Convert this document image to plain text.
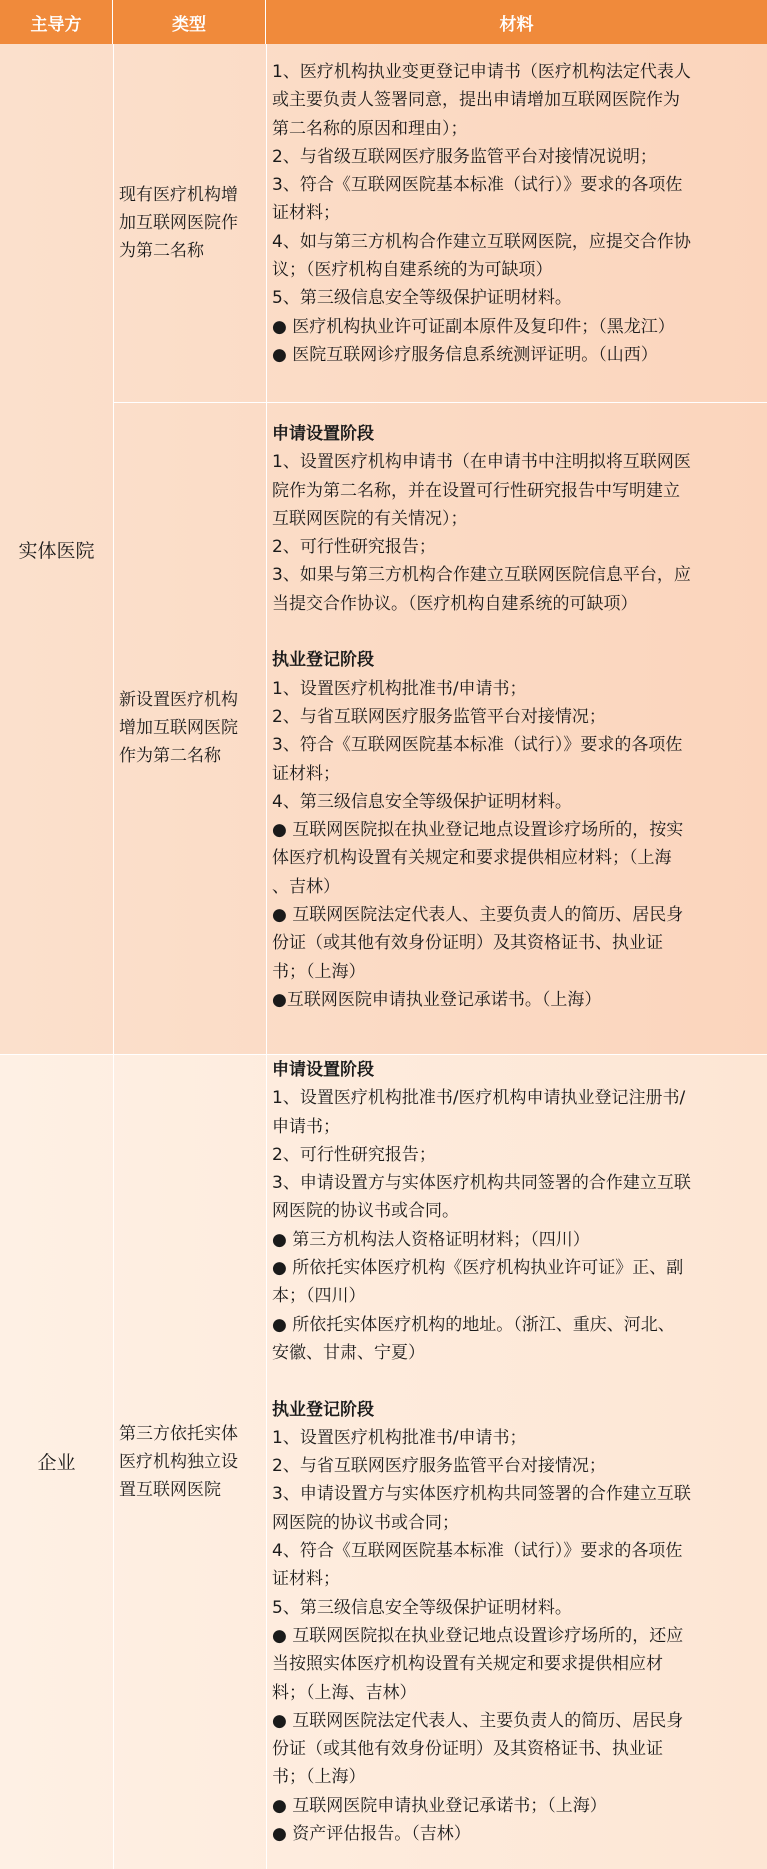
主导方	类型	材料
实体医院
现有医疗机构增
加互联网医院作
为第二名称
1、医疗机构执业变更登记申请书（医疗机构法定代表人
或主要负责人签署同意，提出申请增加互联网医院作为
第二名称的原因和理由）；
2、与省级互联网医疗服务监管平台对接情况说明；
3、符合《互联网医院基本标准（试行）》要求的各项佐
证材料；
4、如与第三方机构合作建立互联网医院，应提交合作协
议；（医疗机构自建系统的为可缺项）
5、第三级信息安全等级保护证明材料。
● 医疗机构执业许可证副本原件及复印件；（黑龙江）
● 医院互联网诊疗服务信息系统测评证明。（山西）
新设置医疗机构
增加互联网医院
作为第二名称
申请设置阶段
1、设置医疗机构申请书（在申请书中注明拟将互联网医
院作为第二名称，并在设置可行性研究报告中写明建立
互联网医院的有关情况）；
2、可行性研究报告；
3、如果与第三方机构合作建立互联网医院信息平台，应
当提交合作协议。（医疗机构自建系统的可缺项）
执业登记阶段
1、设置医疗机构批准书/申请书；
2、与省互联网医疗服务监管平台对接情况；
3、符合《互联网医院基本标准（试行）》要求的各项佐
证材料；
4、第三级信息安全等级保护证明材料。
● 互联网医院拟在执业登记地点设置诊疗场所的，按实
体医疗机构设置有关规定和要求提供相应材料；（上海
、吉林）
● 互联网医院法定代表人、主要负责人的简历、居民身
份证（或其他有效身份证明）及其资格证书、执业证
书；（上海）
●互联网医院申请执业登记承诺书。（上海）
企业
第三方依托实体
医疗机构独立设
置互联网医院
申请设置阶段
1、设置医疗机构批准书/医疗机构申请执业登记注册书/
申请书；
2、可行性研究报告；
3、申请设置方与实体医疗机构共同签署的合作建立互联
网医院的协议书或合同。
● 第三方机构法人资格证明材料；（四川）
● 所依托实体医疗机构《医疗机构执业许可证》正、副
本；（四川）
● 所依托实体医疗机构的地址。（浙江、重庆、河北、
安徽、甘肃、宁夏）
执业登记阶段
1、设置医疗机构批准书/申请书；
2、与省互联网医疗服务监管平台对接情况；
3、申请设置方与实体医疗机构共同签署的合作建立互联
网医院的协议书或合同；
4、符合《互联网医院基本标准（试行）》要求的各项佐
证材料；
5、第三级信息安全等级保护证明材料。
● 互联网医院拟在执业登记地点设置诊疗场所的，还应
当按照实体医疗机构设置有关规定和要求提供相应材
料；（上海、吉林）
● 互联网医院法定代表人、主要负责人的简历、居民身
份证（或其他有效身份证明）及其资格证书、执业证
书；（上海）
● 互联网医院申请执业登记承诺书；（上海）
● 资产评估报告。（吉林）
